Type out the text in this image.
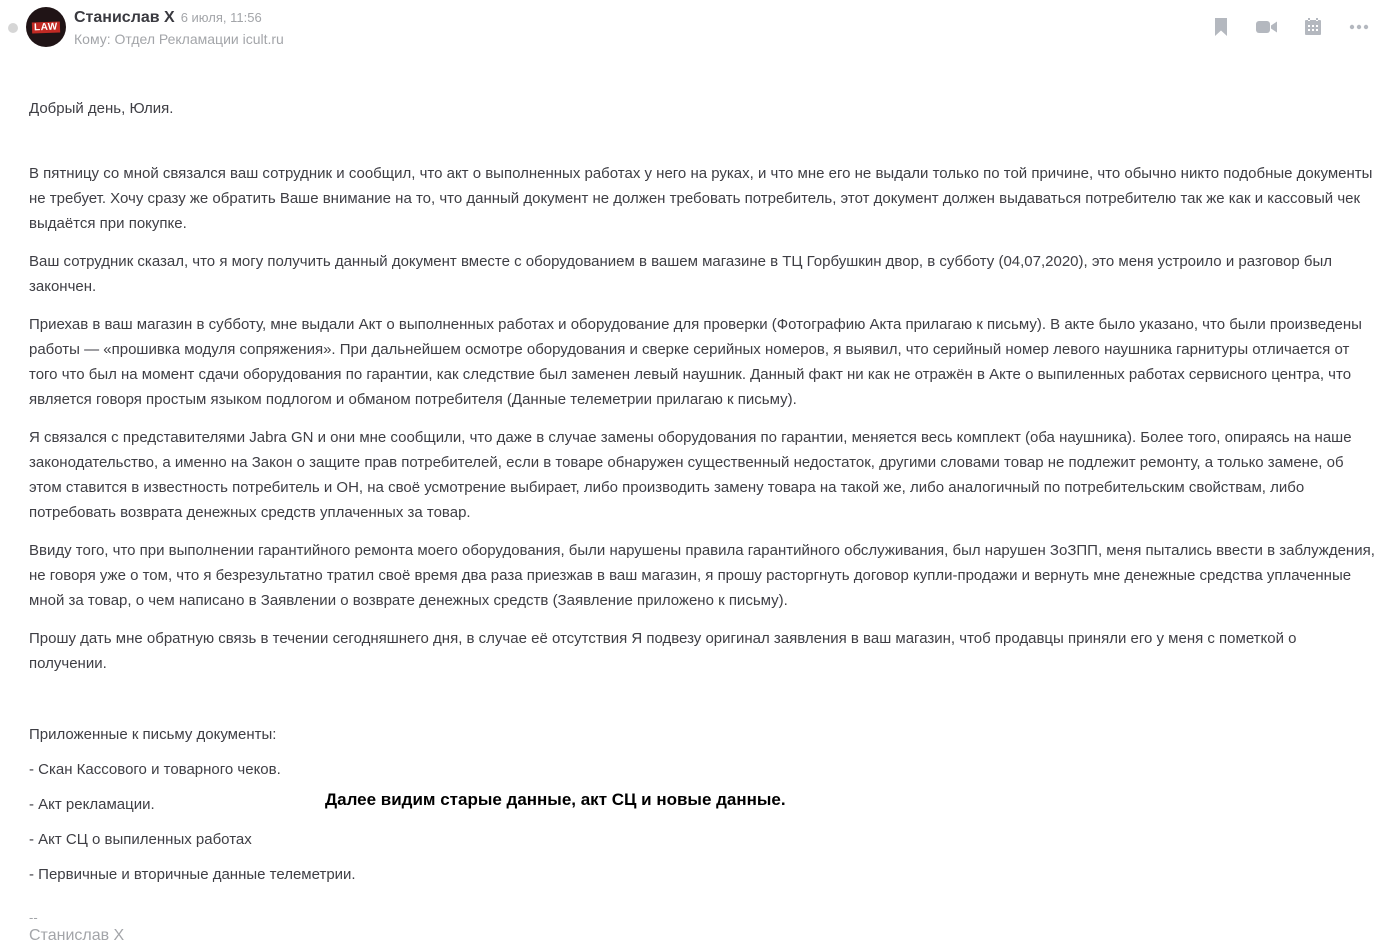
LAW
Станислав Х 6 июля, 11:56
Кому: Отдел Рекламации icult.ru
Добрый день, Юлия.
В пятницу со мной связался ваш сотрудник и сообщил, что акт о выполненных работах у него на руках, и что мне его не выдали только по той причине, что обычно никто подобные документы не требует. Хочу сразу же обратить Ваше внимание на то, что данный документ не должен требовать потребитель, этот документ должен выдаваться потребителю так же как и кассовый чек выдаётся при покупке.
Ваш сотрудник сказал, что я могу получить данный документ вместе с оборудованием в вашем магазине в ТЦ Горбушкин двор, в субботу (04,07,2020), это меня устроило и разговор был закончен.
Приехав в ваш магазин в субботу, мне выдали Акт о выполненных работах и оборудование для проверки (Фотографию Акта прилагаю к письму). В акте было указано, что были произведены работы — «прошивка модуля сопряжения». При дальнейшем осмотре оборудования и сверке серийных номеров, я выявил, что серийный номер левого наушника гарнитуры отличается от того что был на момент сдачи оборудования по гарантии, как следствие был заменен левый наушник. Данный факт ни как не отражён в Акте о выпиленных работах сервисного центра, что является говоря простым языком подлогом и обманом потребителя (Данные телеметрии прилагаю к письму).
Я связался с представителями Jabra GN и они мне сообщили, что даже в случае замены оборудования по гарантии, меняется весь комплект (оба наушника). Более того, опираясь на наше законодательство, а именно на Закон о защите прав потребителей, если в товаре обнаружен существенный недостаток, другими словами товар не подлежит ремонту, а только замене, об этом ставится в известность потребитель и ОН, на своё усмотрение выбирает, либо производить замену товара на такой же, либо аналогичный по потребительским свойствам, либо потребовать возврата денежных средств уплаченных за товар.
Ввиду того, что при выполнении гарантийного ремонта моего оборудования, были нарушены правила гарантийного обслуживания, был нарушен ЗоЗПП, меня пытались ввести в заблуждения, не говоря уже о том, что я безрезультатно тратил своё время два раза приезжав в ваш магазин, я прошу расторгнуть договор купли-продажи и вернуть мне денежные средства уплаченные мной за товар, о чем написано в Заявлении о возврате денежных средств (Заявление приложено к письму).
Прошу дать мне обратную связь в течении сегодняшнего дня, в случае её отсутствия Я подвезу оригинал заявления в ваш магазин, чтоб продавцы приняли его у меня с пометкой о получении.
Приложенные к письму документы:
- Скан Кассового и товарного чеков.
- Акт рекламации.
- Акт СЦ о выпиленных работах
- Первичные и вторичные данные телеметрии.
--
Станислав Х
Далее видим старые данные, акт СЦ и новые данные.
